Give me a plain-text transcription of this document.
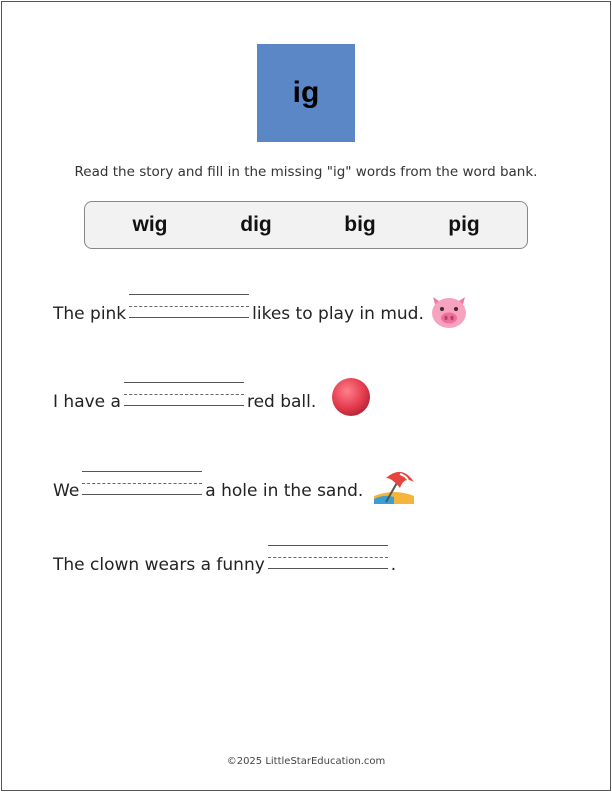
ig
Read the story and fill in the missing "ig" words from the word bank.
wig	dig	big	pig
The pink	likes to play in mud.
I have a	red ball.
We	a hole in the sand.
The clown wears a funny	.
©2025 LittleStarEducation.com
